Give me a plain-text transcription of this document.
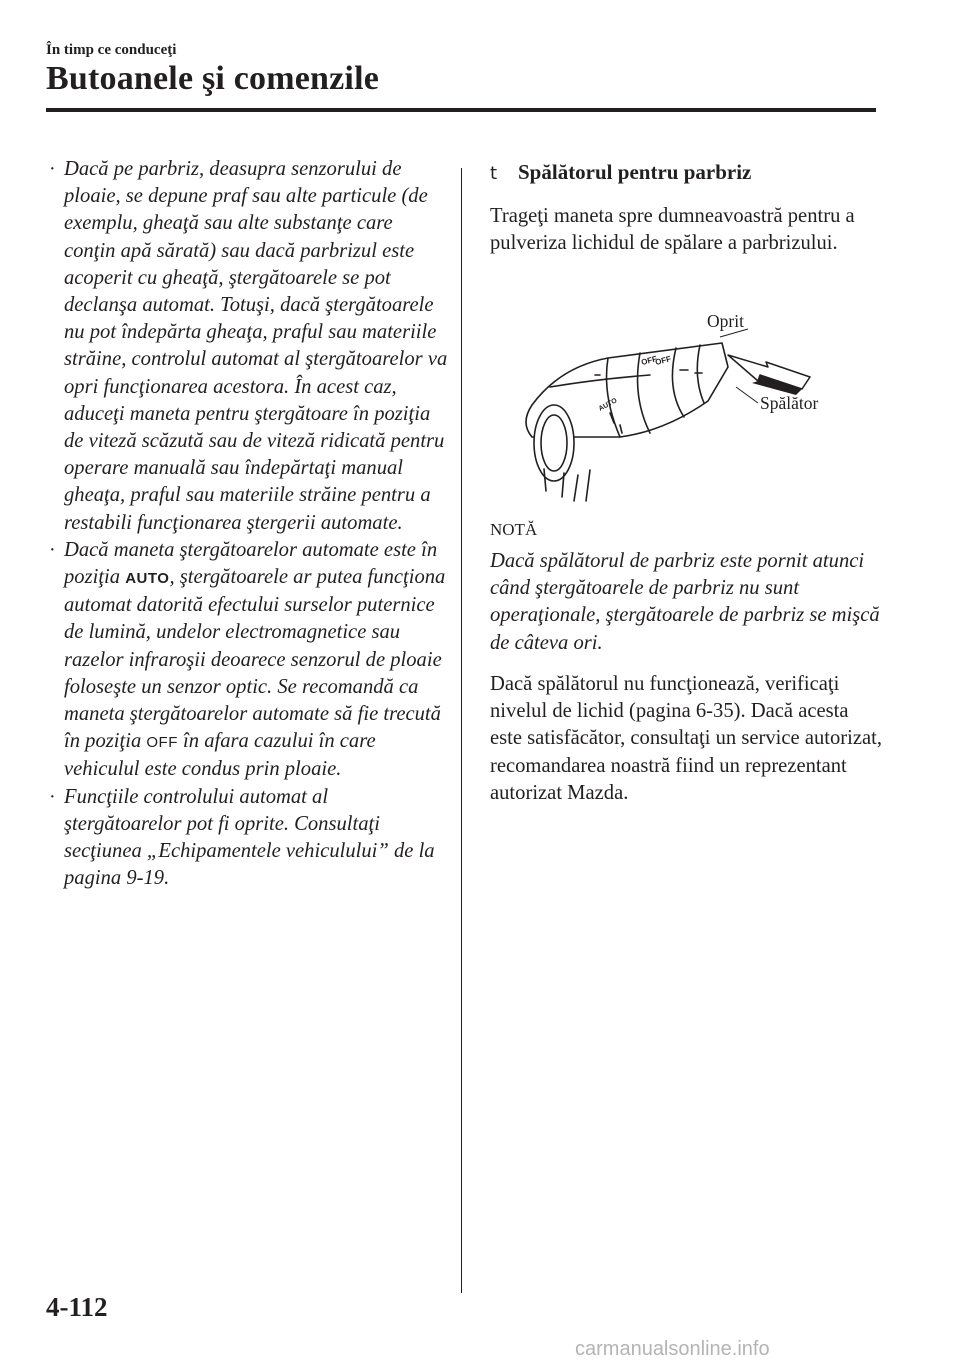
În timp ce conduceţi

Butoanele şi comenzile

· Dacă pe parbriz, deasupra senzorului de ploaie, se depune praf sau alte particule (de exemplu, gheaţă sau alte substanţe care conţin apă sărată) sau dacă parbrizul este acoperit cu gheaţă, ştergătoarele se pot declanşa automat. Totuşi, dacă ştergătoarele nu pot îndepărta gheaţa, praful sau materiile străine, controlul automat al ştergătoarelor va opri funcţionarea acestora. În acest caz, aduceţi maneta pentru ştergătoare în poziţia de viteză scăzută sau de viteză ridicată pentru operare manuală sau îndepărtaţi manual gheaţa, praful sau materiile străine pentru a restabili funcţionarea ştergerii automate.

· Dacă maneta ştergătoarelor automate este în poziţia AUTO, ştergătoarele ar putea funcţiona automat datorită efectului surselor puternice de lumină, undelor electromagnetice sau razelor infraroşii deoarece senzorul de ploaie foloseşte un senzor optic. Se recomandă ca maneta ştergătoarelor automate să fie trecută în poziţia OFF în afara cazului în care vehiculul este condus prin ploaie.

· Funcţiile controlului automat al ştergătoarelor pot fi oprite. Consultaţi secţiunea „Echipamentele vehiculului” de la pagina 9-19.

t Spălătorul pentru parbriz

Trageţi maneta spre dumneavoastră pentru a pulveriza lichidul de spălare a parbrizului.

OFF
OFF
AUTO
Oprit
Spălător

NOTĂ

Dacă spălătorul de parbriz este pornit atunci când ştergătoarele de parbriz nu sunt operaţionale, ştergătoarele de parbriz se mişcă de câteva ori.

Dacă spălătorul nu funcţionează, verificaţi nivelul de lichid (pagina 6-35). Dacă acesta este satisfăcător, consultaţi un service autorizat, recomandarea noastră fiind un reprezentant autorizat Mazda.

4-112

carmanualsonline.info
